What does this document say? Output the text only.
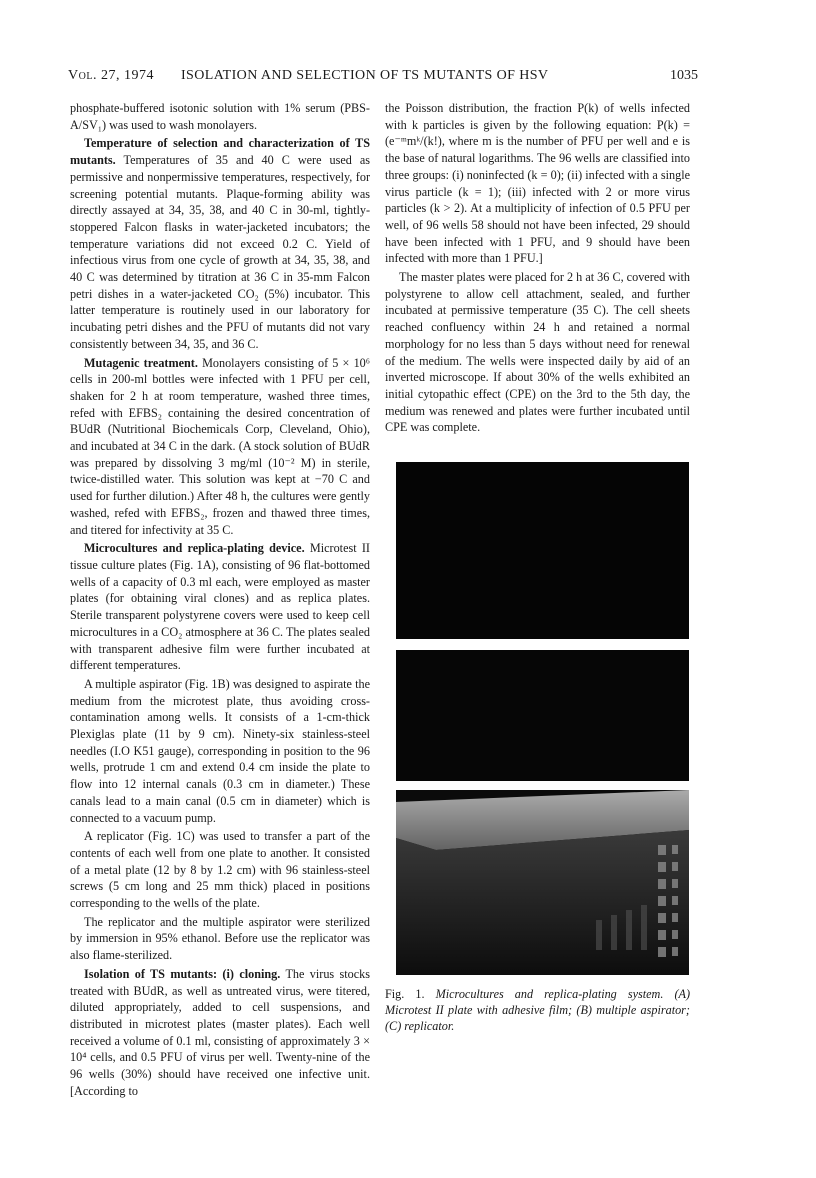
Vol. 27, 1974 ISOLATION AND SELECTION OF TS MUTANTS OF HSV	1035

phosphate-buffered isotonic solution with 1% serum (PBS-A/SV₁) was used to wash monolayers.

Temperature of selection and characterization of TS mutants. Temperatures of 35 and 40 C were used as permissive and nonpermissive temperatures, respectively, for screening potential mutants. Plaque-forming ability was directly assayed at 34, 35, 38, and 40 C in 30-ml, tightly-stoppered Falcon flasks in water-jacketed incubators; the temperature variations did not exceed 0.2 C. Yield of infectious virus from one cycle of growth at 34, 35, 38, and 40 C was determined by titration at 36 C in 35-mm Falcon petri dishes in a water-jacketed CO₂ (5%) incubator. This latter temperature is routinely used in our laboratory for incubating petri dishes and the PFU of mutants did not vary consistently between 34, 35, and 36 C.

Mutagenic treatment. Monolayers consisting of 5 × 10⁶ cells in 200-ml bottles were infected with 1 PFU per cell, shaken for 2 h at room temperature, washed three times, refed with EFBS₂ containing the desired concentration of BUdR (Nutritional Biochemicals Corp, Cleveland, Ohio), and incubated at 34 C in the dark. (A stock solution of BUdR was prepared by dissolving 3 mg/ml (10⁻² M) in sterile, twice-distilled water. This solution was kept at −70 C and used for further dilution.) After 48 h, the cultures were gently washed, refed with EFBS₂, frozen and thawed three times, and titered for infectivity at 35 C.

Microcultures and replica-plating device. Microtest II tissue culture plates (Fig. 1A), consisting of 96 flat-bottomed wells of a capacity of 0.3 ml each, were employed as master plates (for obtaining viral clones) and as replica plates. Sterile transparent polystyrene covers were used to keep cell microcultures in a CO₂ atmosphere at 36 C. The plates sealed with transparent adhesive film were further incubated at different temperatures.

A multiple aspirator (Fig. 1B) was designed to aspirate the medium from the microtest plate, thus avoiding cross-contamination among wells. It consists of a 1-cm-thick Plexiglas plate (11 by 9 cm). Ninety-six stainless-steel needles (I.O K51 gauge), corresponding in position to the 96 wells, protrude 1 cm and extend 0.4 cm inside the plate to flow into 12 internal canals (0.3 cm in diameter.) These canals lead to a main canal (0.5 cm in diameter) which is connected to a vacuum pump.

A replicator (Fig. 1C) was used to transfer a part of the contents of each well from one plate to another. It consisted of a metal plate (12 by 8 by 1.2 cm) with 96 stainless-steel screws (5 cm long and 25 mm thick) placed in positions corresponding to the wells of the plate.

The replicator and the multiple aspirator were sterilized by immersion in 95% ethanol. Before use the replicator was also flame-sterilized.

Isolation of TS mutants: (i) cloning. The virus stocks treated with BUdR, as well as untreated virus, were titered, diluted appropriately, added to cell suspensions, and distributed in microtest plates (master plates). Each well received a volume of 0.1 ml, consisting of approximately 3 × 10⁴ cells, and 0.5 PFU of virus per well. Twenty-nine of the 96 wells (30%) should have received one infective unit. [According to

the Poisson distribution, the fraction P(k) of wells infected with k particles is given by the following equation: P(k) = (e⁻ᵐmᵏ/(k!), where m is the number of PFU per well and e is the base of natural logarithms. The 96 wells are classified into three groups: (i) noninfected (k = 0); (ii) infected with a single virus particle (k = 1); (iii) infected with 2 or more virus particles (k > 2). At a multiplicity of infection of 0.5 PFU per well, of 96 wells 58 should not have been infected, 29 should have been infected with 1 PFU, and 9 should have been infected with more than 1 PFU.]

The master plates were placed for 2 h at 36 C, covered with polystyrene to allow cell attachment, sealed, and further incubated at permissive temperature (35 C). The cell sheets reached confluency within 24 h and retained a normal morphology for no less than 5 days without need for renewal of the medium. The wells were inspected daily by aid of an inverted microscope. If about 30% of the wells exhibited an initial cytopathic effect (CPE) on the 3rd to the 5th day, the medium was renewed and plates were further incubated until CPE was complete.

Fig. 1. Microcultures and replica-plating system. (A) Microtest II plate with adhesive film; (B) multiple aspirator; (C) replicator.
